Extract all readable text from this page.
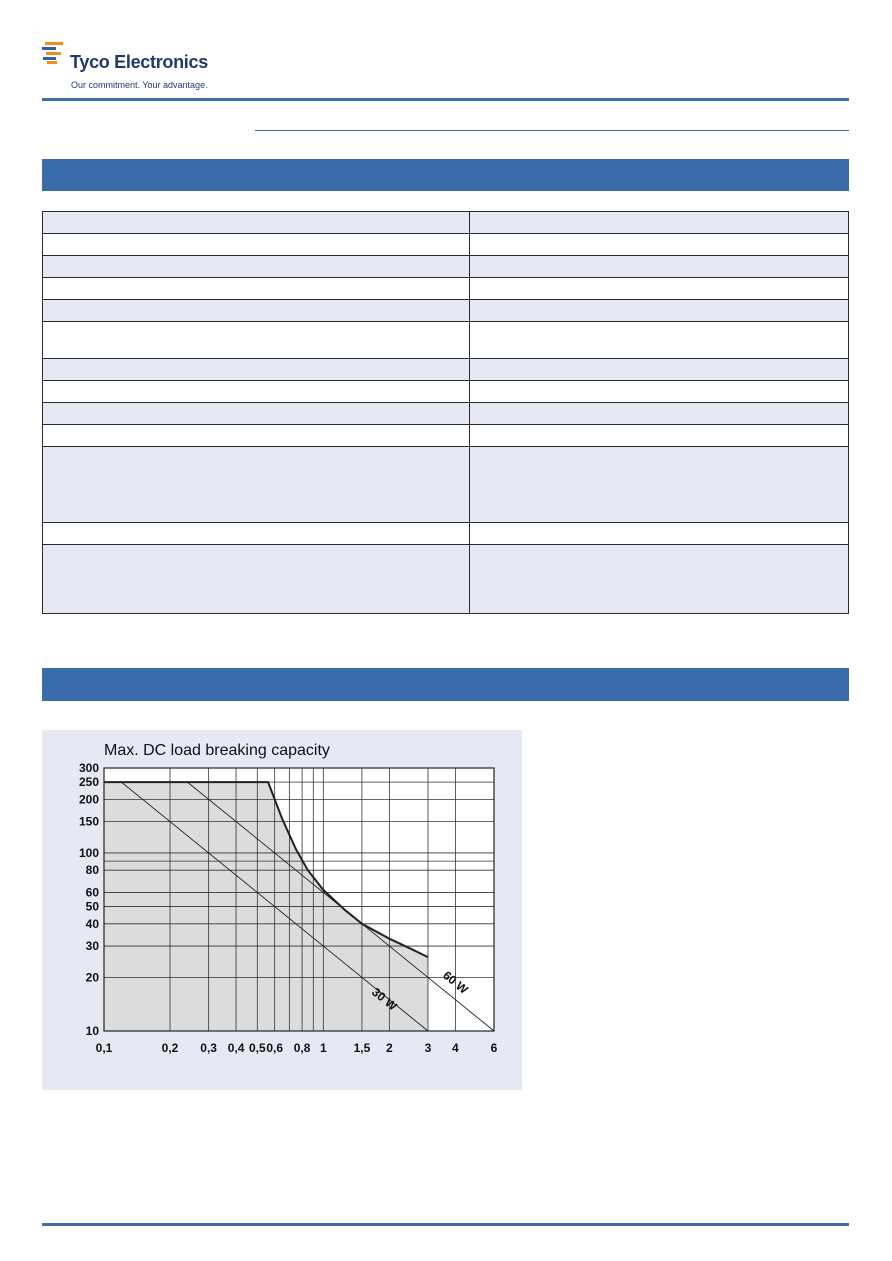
Tyco Electronics
Our commitment. Your advantage.

Max. DC load breaking capacity
0,1	0,2 0,3 0,4 0,5 0,6 0,8 1 1,5 2	3 4	6
10
20
30
40
50
60
80
100
150
200
250
300
30 W
60 W
